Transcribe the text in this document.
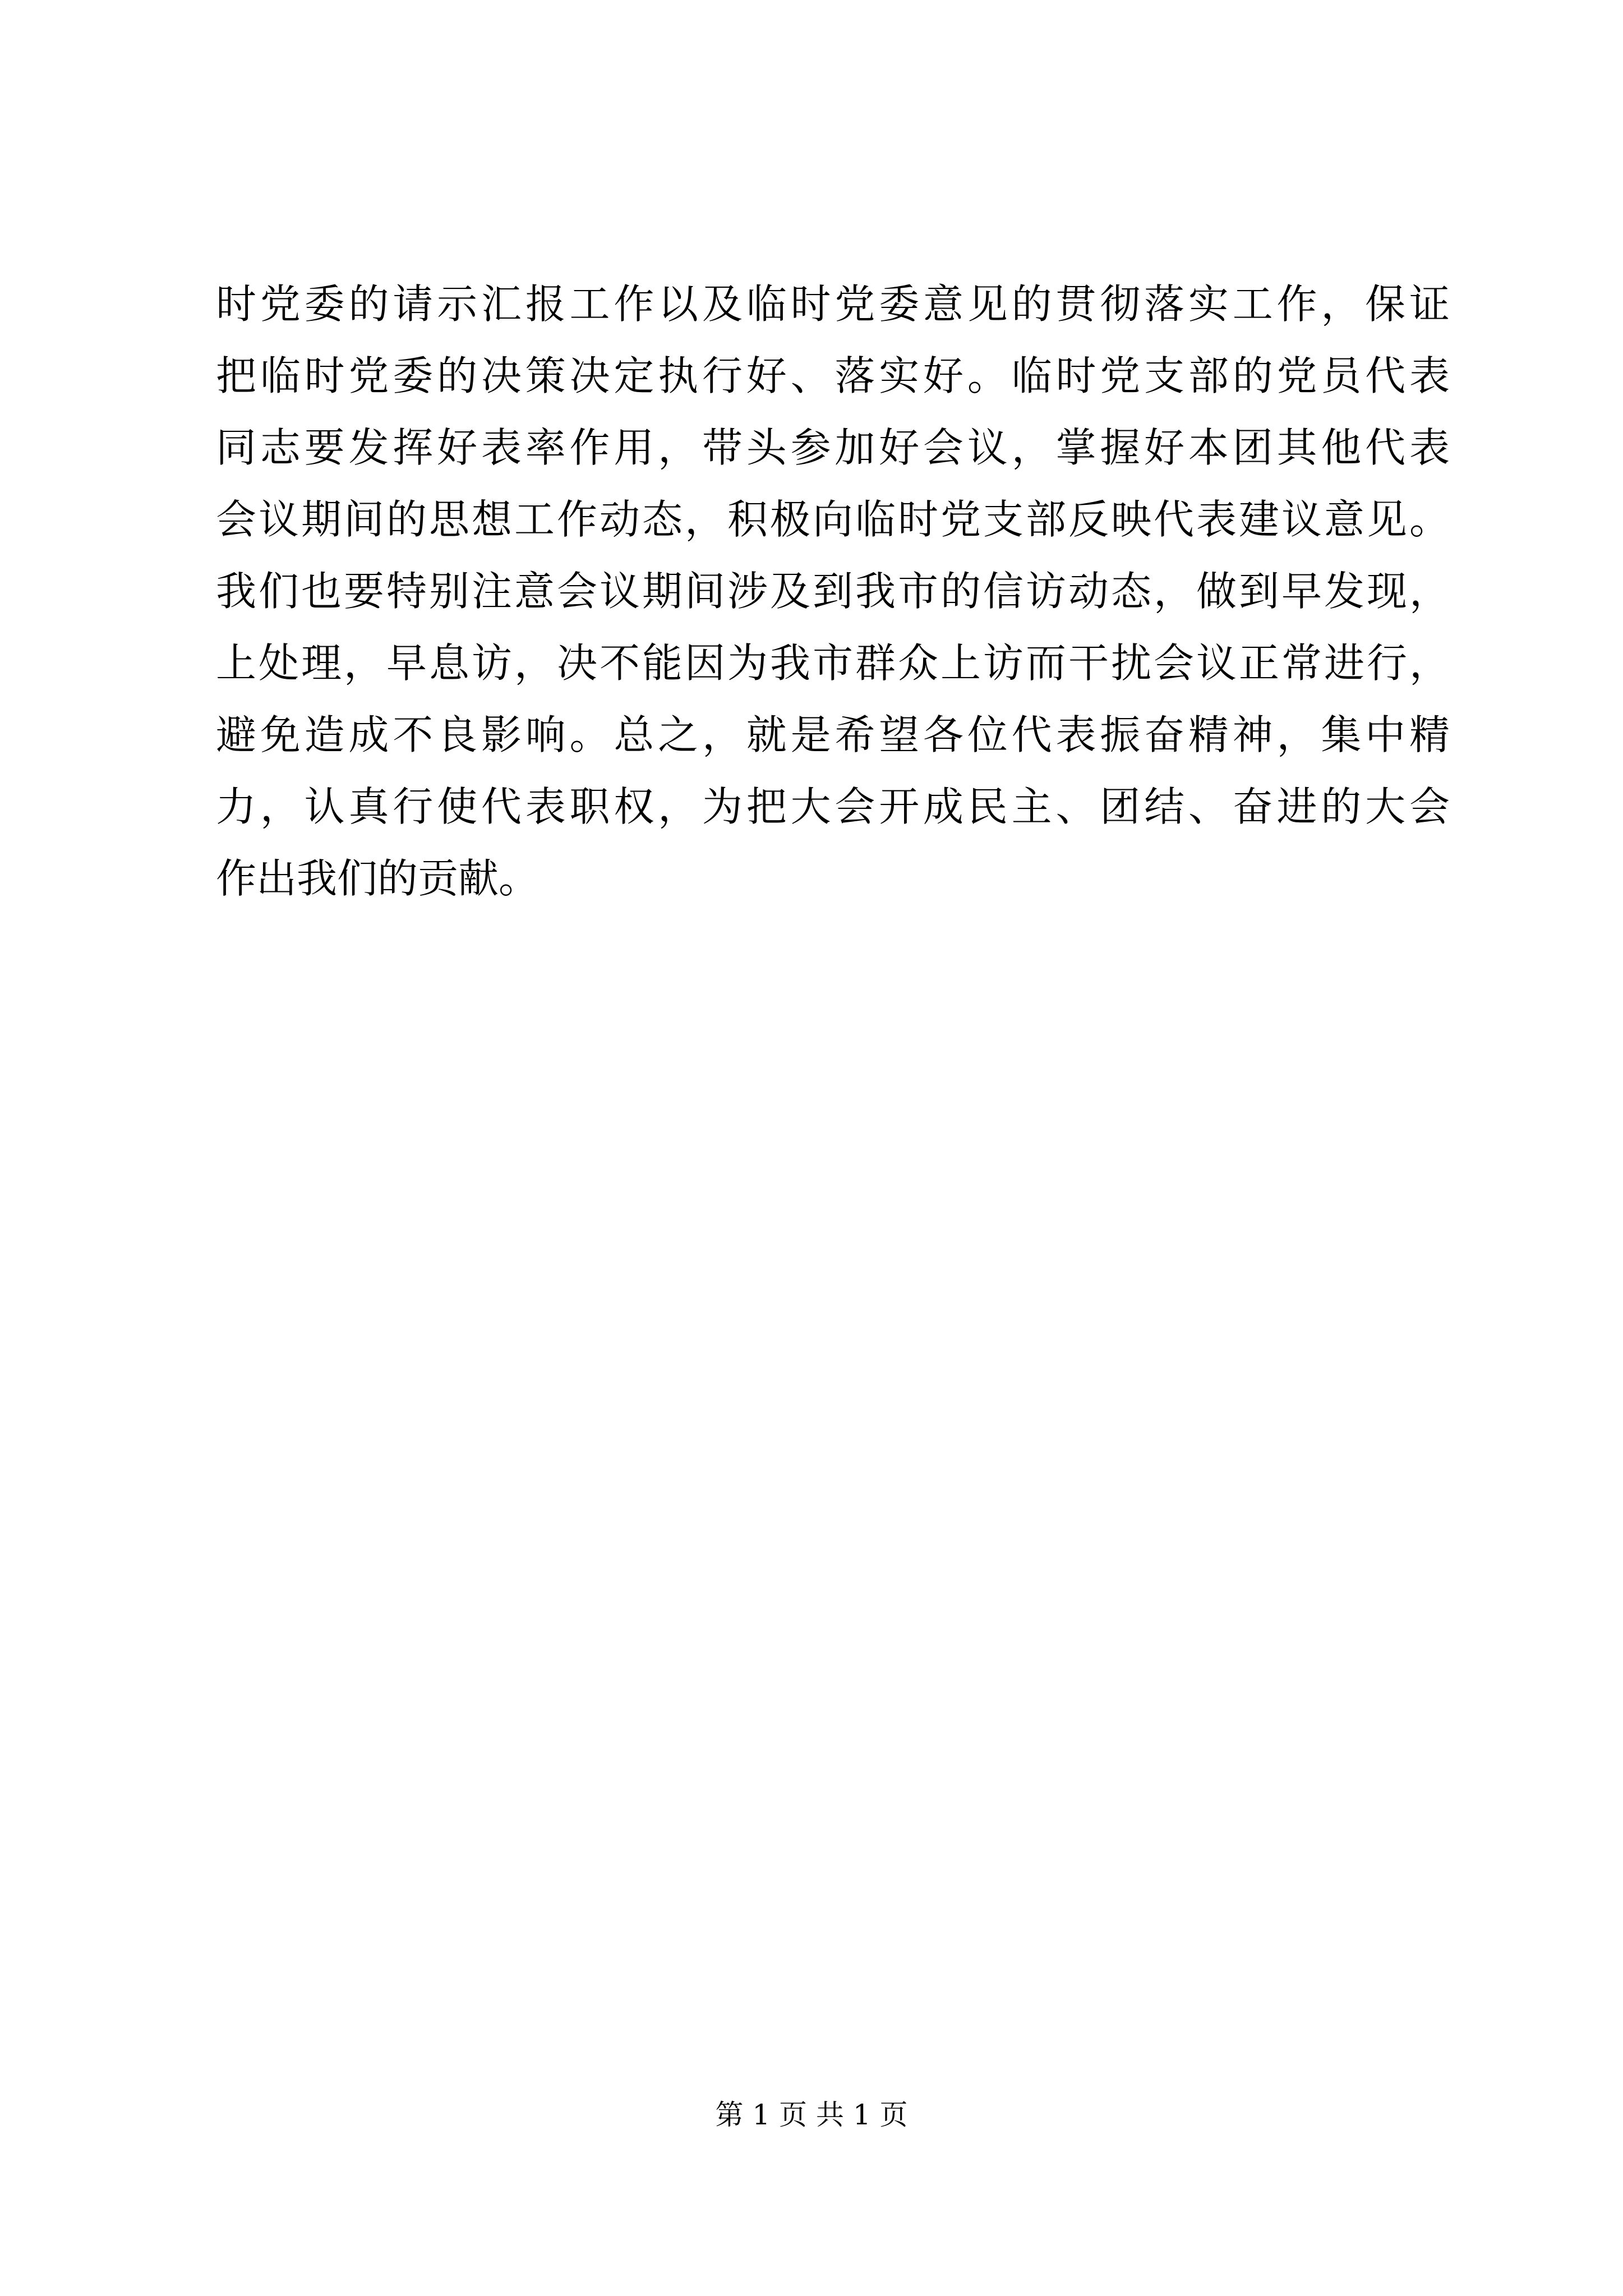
时党委的请示汇报工作以及临时党委意见的贯彻落实工作，保证
把临时党委的决策决定执行好、落实好。临时党支部的党员代表
同志要发挥好表率作用，带头参加好会议，掌握好本团其他代表
会议期间的思想工作动态，积极向临时党支部反映代表建议意见。
我们也要特别注意会议期间涉及到我市的信访动态，做到早发现，
上处理，早息访，决不能因为我市群众上访而干扰会议正常进行，
避免造成不良影响。总之，就是希望各位代表振奋精神，集中精
力，认真行使代表职权，为把大会开成民主、团结、奋进的大会
作出我们的贡献。
第 1 页 共 1 页
